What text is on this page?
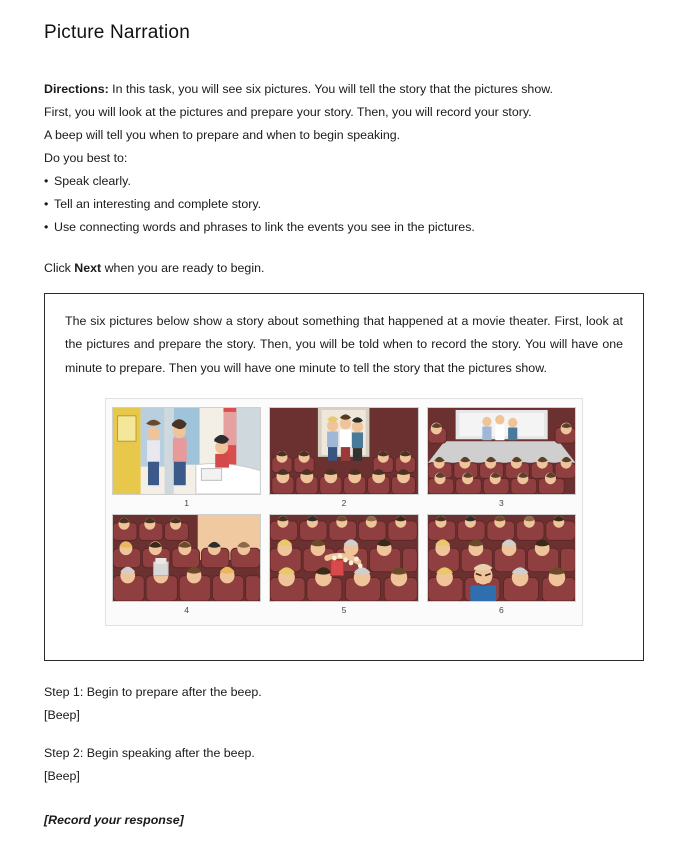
Picture Narration

Directions: In this task, you will see six pictures. You will tell the story that the pictures show.

First, you will look at the pictures and prepare your story. Then, you will record your story.

A beep will tell you when to prepare and when to begin speaking.

Do you best to:

• Speak clearly.

• Tell an interesting and complete story.

• Use connecting words and phrases to link the events you see in the pictures.

Click Next when you are ready to begin.

The six pictures below show a story about something that happened at a movie theater. First, look at the pictures and prepare the story. Then, you will be told when to record the story. You will have one minute to prepare. Then you will have one minute to tell the story that the pictures show.

1	2	3
4	5	6

Step 1: Begin to prepare after the beep.

[Beep]

Step 2: Begin speaking after the beep.

[Beep]

[Record your response]
